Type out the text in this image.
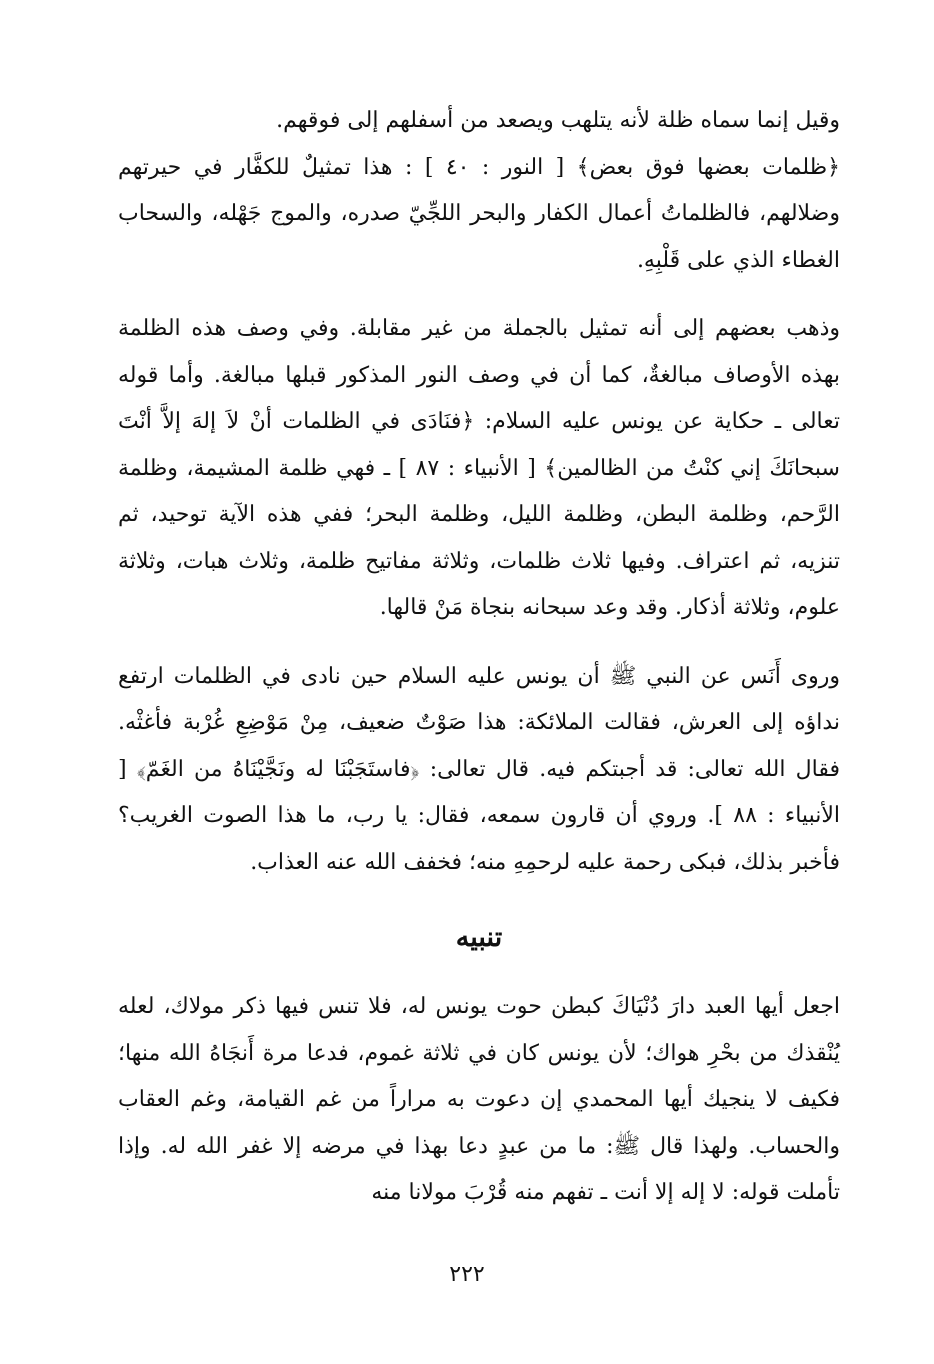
وقيل إنما سماه ظلة لأنه يتلهب ويصعد من أسفلهم إلى فوقهم.

﴿ظلمات بعضها فوق بعض﴾ [ النور : ٤٠ ] : هذا تمثيلٌ للكفَّار في حيرتهم وضلالهم، فالظلماتُ أعمال الكفار والبحر اللجِّيّ صدره، والموج جَهْله، والسحاب الغطاء الذي على قَلْبِهِ.

وذهب بعضهم إلى أنه تمثيل بالجملة من غير مقابلة. وفي وصف هذه الظلمة بهذه الأوصاف مبالغةٌ، كما أن في وصف النور المذكور قبلها مبالغة. وأما قوله تعالى ـ حكاية عن يونس عليه السلام: ﴿فنَادَى في الظلمات أنْ لاَ إلهَ إلاَّ أنْتَ سبحانَكَ إني كنْتُ من الظالمين﴾ [ الأنبياء : ٨٧ ] ـ فهي ظلمة المشيمة، وظلمة الرَّحم، وظلمة البطن، وظلمة الليل، وظلمة البحر؛ ففي هذه الآية توحيد، ثم تنزيه، ثم اعتراف. وفيها ثلاث ظلمات، وثلاثة مفاتيح ظلمة، وثلاث هبات، وثلاثة علوم، وثلاثة أذكار. وقد وعد سبحانه بنجاة مَنْ قالها.

وروى أَنَس عن النبي ﷺ أن يونس عليه السلام حين نادى في الظلمات ارتفع نداؤه إلى العرش، فقالت الملائكة: هذا صَوْتٌ ضعيف، مِنْ مَوْضِعِ غُرْبة فأغثْه. فقال الله تعالى: قد أجبتكم فيه. قال تعالى: ﴿فاستَجَبْنَا له ونَجَّيْنَاهُ من الغَمّ﴾ [ الأنبياء : ٨٨ ]. وروي أن قارون سمعه، فقال: يا رب، ما هذا الصوت الغريب؟ فأخبر بذلك، فبكى رحمة عليه لرحمِهِ منه؛ فخفف الله عنه العذاب.

تنبيه

اجعل أيها العبد دارَ دُنْيَاكَ كبطن حوت يونس له، فلا تنس فيها ذكر مولاك، لعله يُنْقذك من بحْرِ هواك؛ لأن يونس كان في ثلاثة غموم، فدعا مرة أَنجَاهُ الله منها؛ فكيف لا ينجيك أيها المحمدي إن دعوت به مراراً من غم القيامة، وغم العقاب والحساب. ولهذا قال ﷺ: ما من عبدٍ دعا بهذا في مرضه إلا غفر الله له. وإذا تأملت قوله: لا إله إلا أنت ـ تفهم منه قُرْبَ مولانا منه

٢٢٢
